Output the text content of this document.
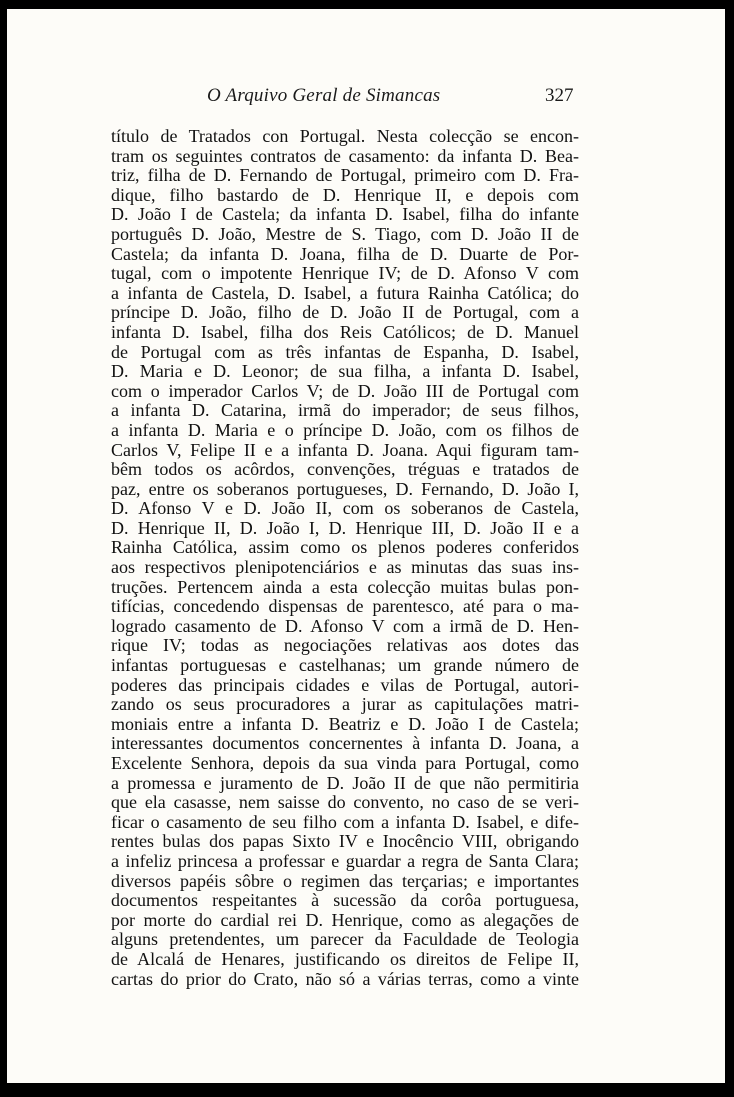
O Arquivo Geral de Simancas	327
título de Tratados con Portugal. Nesta colecção se encon-
tram os seguintes contratos de casamento: da infanta D. Bea-
triz, filha de D. Fernando de Portugal, primeiro com D. Fra-
dique, filho bastardo de D. Henrique II, e depois com
D. João I de Castela; da infanta D. Isabel, filha do infante
português D. João, Mestre de S. Tiago, com D. João II de
Castela; da infanta D. Joana, filha de D. Duarte de Por-
tugal, com o impotente Henrique IV; de D. Afonso V com
a infanta de Castela, D. Isabel, a futura Rainha Católica; do
príncipe D. João, filho de D. João II de Portugal, com a
infanta D. Isabel, filha dos Reis Católicos; de D. Manuel
de Portugal com as três infantas de Espanha, D. Isabel,
D. Maria e D. Leonor; de sua filha, a infanta D. Isabel,
com o imperador Carlos V; de D. João III de Portugal com
a infanta D. Catarina, irmã do imperador; de seus filhos,
a infanta D. Maria e o príncipe D. João, com os filhos de
Carlos V, Felipe II e a infanta D. Joana. Aqui figuram tam-
bêm todos os acôrdos, convenções, tréguas e tratados de
paz, entre os soberanos portugueses, D. Fernando, D. João I,
D. Afonso V e D. João II, com os soberanos de Castela,
D. Henrique II, D. João I, D. Henrique III, D. João II e a
Rainha Católica, assim como os plenos poderes conferidos
aos respectivos plenipotenciários e as minutas das suas ins-
truções. Pertencem ainda a esta colecção muitas bulas pon-
tifícias, concedendo dispensas de parentesco, até para o ma-
logrado casamento de D. Afonso V com a irmã de D. Hen-
rique IV; todas as negociações relativas aos dotes das
infantas portuguesas e castelhanas; um grande número de
poderes das principais cidades e vilas de Portugal, autori-
zando os seus procuradores a jurar as capitulações matri-
moniais entre a infanta D. Beatriz e D. João I de Castela;
interessantes documentos concernentes à infanta D. Joana, a
Excelente Senhora, depois da sua vinda para Portugal, como
a promessa e juramento de D. João II de que não permitiria
que ela casasse, nem saisse do convento, no caso de se veri-
ficar o casamento de seu filho com a infanta D. Isabel, e dife-
rentes bulas dos papas Sixto IV e Inocêncio VIII, obrigando
a infeliz princesa a professar e guardar a regra de Santa Clara;
diversos papéis sôbre o regimen das terçarias; e importantes
documentos respeitantes à sucessão da corôa portuguesa,
por morte do cardial rei D. Henrique, como as alegações de
alguns pretendentes, um parecer da Faculdade de Teologia
de Alcalá de Henares, justificando os direitos de Felipe II,
cartas do prior do Crato, não só a várias terras, como a vinte
